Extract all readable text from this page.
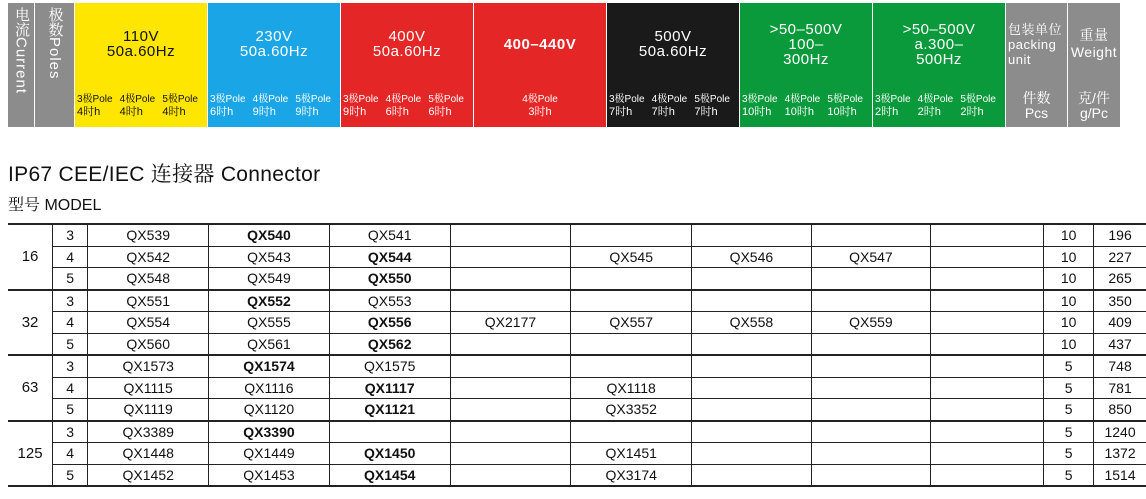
电流
Current
极数
Poles
110V
50a.60Hz
3极Pole 4极Pole 5极Pole
4时h	4时h	4时h
230V
50a.60Hz
3极Pole 4极Pole 5极Pole
6时h	9时h	9时h
400V
50a.60Hz
3极Pole 4极Pole 5极Pole
9时h	6时h	6时h
400–440V
4极Pole
3时h
500V
50a.60Hz
3极Pole 4极Pole 5极Pole
7时h	7时h	7时h
>50–500V
100–
300Hz
3极Pole 4极Pole 5极Pole
10时h	10时h	10时h
>50–500V
a.300–
500Hz
3极Pole 4极Pole 5极Pole
2时h	2时h	2时h
包装单位
packing
unit
件数
Pcs
重量
Weight
克/件
g/Pc
IP67 CEE/IEC 连接器 Connector
型号 MODEL
16	3	QX539	QX540	QX541						10	196
	4	QX542	QX543	QX544		QX545	QX546	QX547		10	227
	5	QX548	QX549	QX550						10	265
32	3	QX551	QX552	QX553						10	350
	4	QX554	QX555	QX556	QX2177	QX557	QX558	QX559		10	409
	5	QX560	QX561	QX562						10	437
63	3	QX1573	QX1574	QX1575						5	748
	4	QX1115	QX1116	QX1117		QX1118				5	781
	5	QX1119	QX1120	QX1121		QX3352				5	850
125	3	QX3389	QX3390							5	1240
	4	QX1448	QX1449	QX1450		QX1451				5	1372
	5	QX1452	QX1453	QX1454		QX3174				5	1514
